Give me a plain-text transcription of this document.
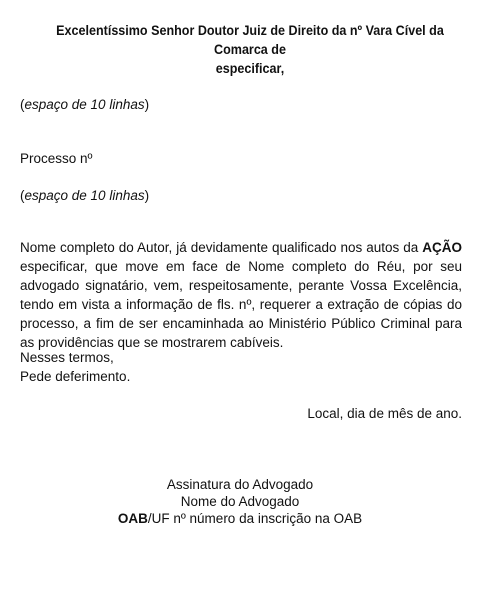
Excelentíssimo Senhor Doutor Juiz de Direito da nº Vara Cível da Comarca de

especificar,

(espaço de 10 linhas)
Processo nº
(espaço de 10 linhas)
Nome completo do Autor, já devidamente qualificado nos autos da AÇÃO especificar, que move em face de Nome completo do Réu, por seu advogado signatário, vem, respeitosamente, perante Vossa Excelência, tendo em vista a informação de fls. nº, requerer a extração de cópias do processo, a fim de ser encaminhada ao Ministério Público Criminal para as providências que se mostrarem cabíveis.

Nesses termos,

Pede deferimento.

Local, dia de mês de ano.

Assinatura do Advogado

Nome do Advogado

OAB/UF nº número da inscrição na OAB
